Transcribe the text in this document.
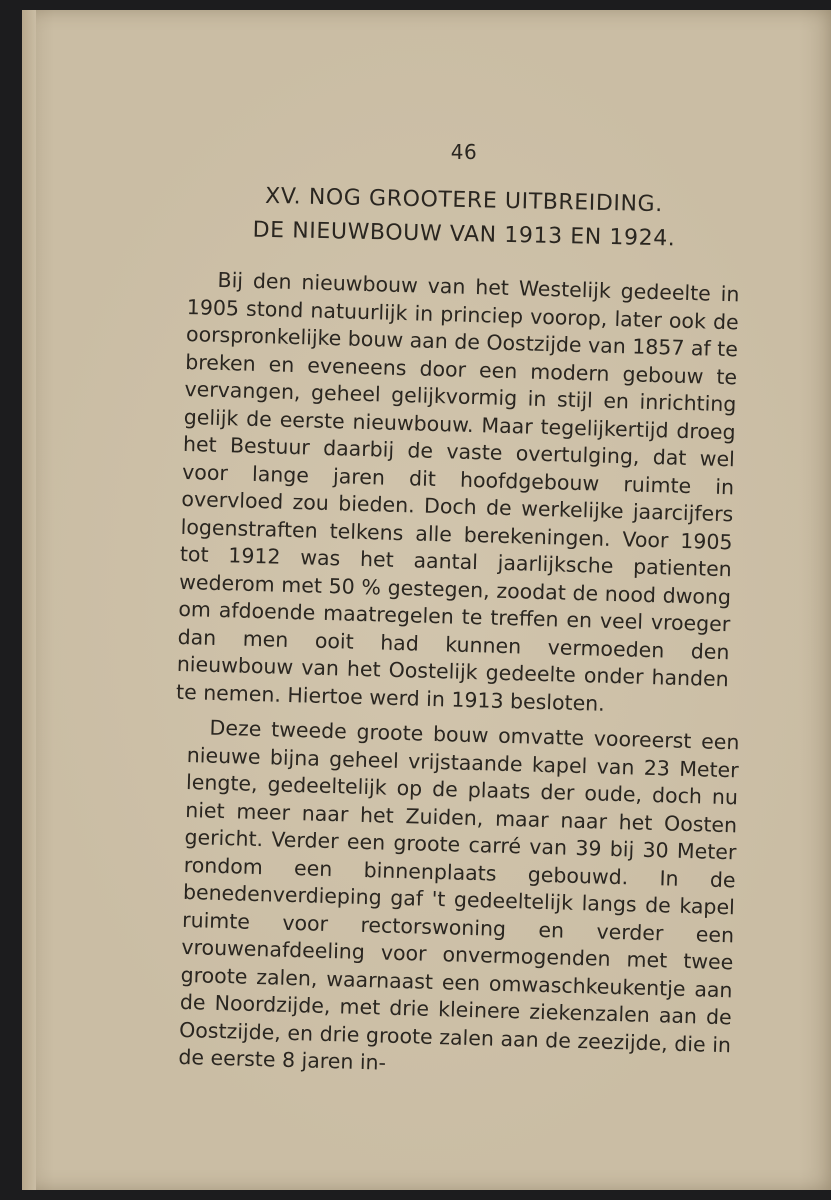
46
XV. NOG GROOTERE UITBREIDING.
DE NIEUWBOUW VAN 1913 EN 1924.

Bij den nieuwbouw van het Westelijk gedeelte in 1905 stond natuurlijk in princiep voorop, later ook de oorspronkelijke bouw aan de Oostzijde van 1857 af te breken en eveneens door een modern gebouw te vervangen, geheel gelijkvormig in stijl en inrichting gelijk de eerste nieuwbouw. Maar tegelijkertijd droeg het Bestuur daarbij de vaste overtulging, dat wel voor lange jaren dit hoofdgebouw ruimte in overvloed zou bieden. Doch de werkelijke jaarcijfers logenstraften telkens alle berekeningen. Voor 1905 tot 1912 was het aantal jaarlijksche patienten wederom met 50 % gestegen, zoodat de nood dwong om afdoende maatregelen te treffen en veel vroeger dan men ooit had kunnen vermoeden den nieuwbouw van het Oostelijk gedeelte onder handen te nemen. Hiertoe werd in 1913 besloten.

Deze tweede groote bouw omvatte vooreerst een nieuwe bijna geheel vrijstaande kapel van 23 Meter lengte, gedeeltelijk op de plaats der oude, doch nu niet meer naar het Zuiden, maar naar het Oosten gericht. Verder een groote carré van 39 bij 30 Meter rondom een binnenplaats gebouwd. In de benedenverdieping gaf 't gedeeltelijk langs de kapel ruimte voor rectorswoning en verder een vrouwenafdeeling voor onvermogenden met twee groote zalen, waarnaast een omwaschkeukentje aan de Noordzijde, met drie kleinere ziekenzalen aan de Oostzijde, en drie groote zalen aan de zeezijde, die in de eerste 8 jaren in-
